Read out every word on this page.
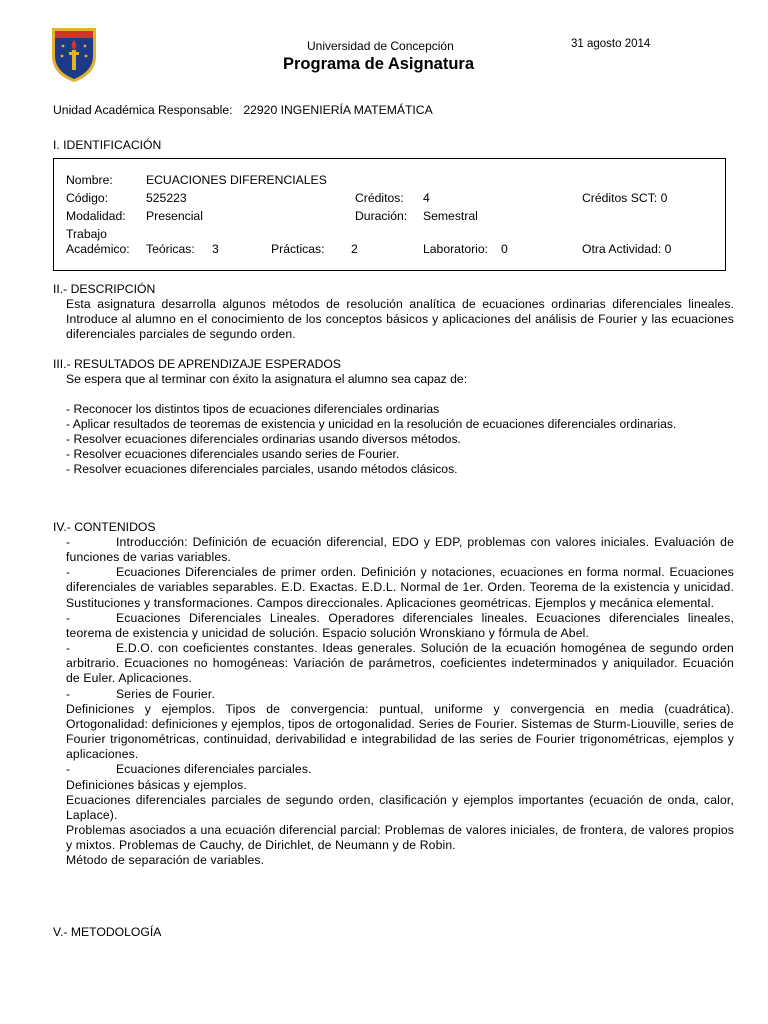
Universidad de Concepción
Programa de Asignatura
31 agosto 2014
Unidad Académica Responsable: 22920 INGENIERÍA MATEMÁTICA
I. IDENTIFICACIÓN
Nombre:	ECUACIONES DIFERENCIALES
Código:	525223	Créditos: 4	Créditos SCT: 0
Modalidad: Presencial	Duración: Semestral
Trabajo
Académico: Teóricas: 3	Prácticas: 2	Laboratorio: 0	Otra Actividad: 0
II.- DESCRIPCIÓN

Esta asignatura desarrolla algunos métodos de resolución analítica de ecuaciones ordinarias diferenciales lineales. Introduce al alumno en el conocimiento de los conceptos básicos y aplicaciones del análisis de Fourier y las ecuaciones diferenciales parciales de segundo orden.

III.- RESULTADOS DE APRENDIZAJE ESPERADOS
Se espera que al terminar con éxito la asignatura el alumno sea capaz de:
- Reconocer los distintos tipos de ecuaciones diferenciales ordinarias
- Aplicar resultados de teoremas de existencia y unicidad en la resolución de ecuaciones diferenciales ordinarias.
- Resolver ecuaciones diferenciales ordinarias usando diversos métodos.
- Resolver ecuaciones diferenciales usando series de Fourier.
- Resolver ecuaciones diferenciales parciales, usando métodos clásicos.
IV.- CONTENIDOS

-	Introducción: Definición de ecuación diferencial, EDO y EDP, problemas con valores iniciales. Evaluación de funciones de varias variables.

-	Ecuaciones Diferenciales de primer orden. Definición y notaciones, ecuaciones en forma normal. Ecuaciones diferenciales de variables separables. E.D. Exactas. E.D.L. Normal de 1er. Orden. Teorema de la existencia y unicidad. Sustituciones y transformaciones. Campos direccionales. Aplicaciones geométricas. Ejemplos y mecánica elemental.

-	Ecuaciones Diferenciales Lineales. Operadores diferenciales lineales. Ecuaciones diferenciales lineales, teorema de existencia y unicidad de solución. Espacio solución Wronskiano y fórmula de Abel.

-	E.D.O. con coeficientes constantes. Ideas generales. Solución de la ecuación homogénea de segundo orden arbitrario. Ecuaciones no homogéneas: Variación de parámetros, coeficientes indeterminados y aniquilador. Ecuación de Euler. Aplicaciones.

-	Series de Fourier.

Definiciones y ejemplos. Tipos de convergencia: puntual, uniforme y convergencia en media (cuadrática). Ortogonalidad: definiciones y ejemplos, tipos de ortogonalidad. Series de Fourier. Sistemas de Sturm-Liouville, series de Fourier trigonométricas, continuidad, derivabilidad e integrabilidad de las series de Fourier trigonométricas, ejemplos y aplicaciones.

-	Ecuaciones diferenciales parciales.

Definiciones básicas y ejemplos.

Ecuaciones diferenciales parciales de segundo orden, clasificación y ejemplos importantes (ecuación de onda, calor, Laplace).

Problemas asociados a una ecuación diferencial parcial: Problemas de valores iniciales, de frontera, de valores propios y mixtos. Problemas de Cauchy, de Dirichlet, de Neumann y de Robin.

Método de separación de variables.

V.- METODOLOGÍA
